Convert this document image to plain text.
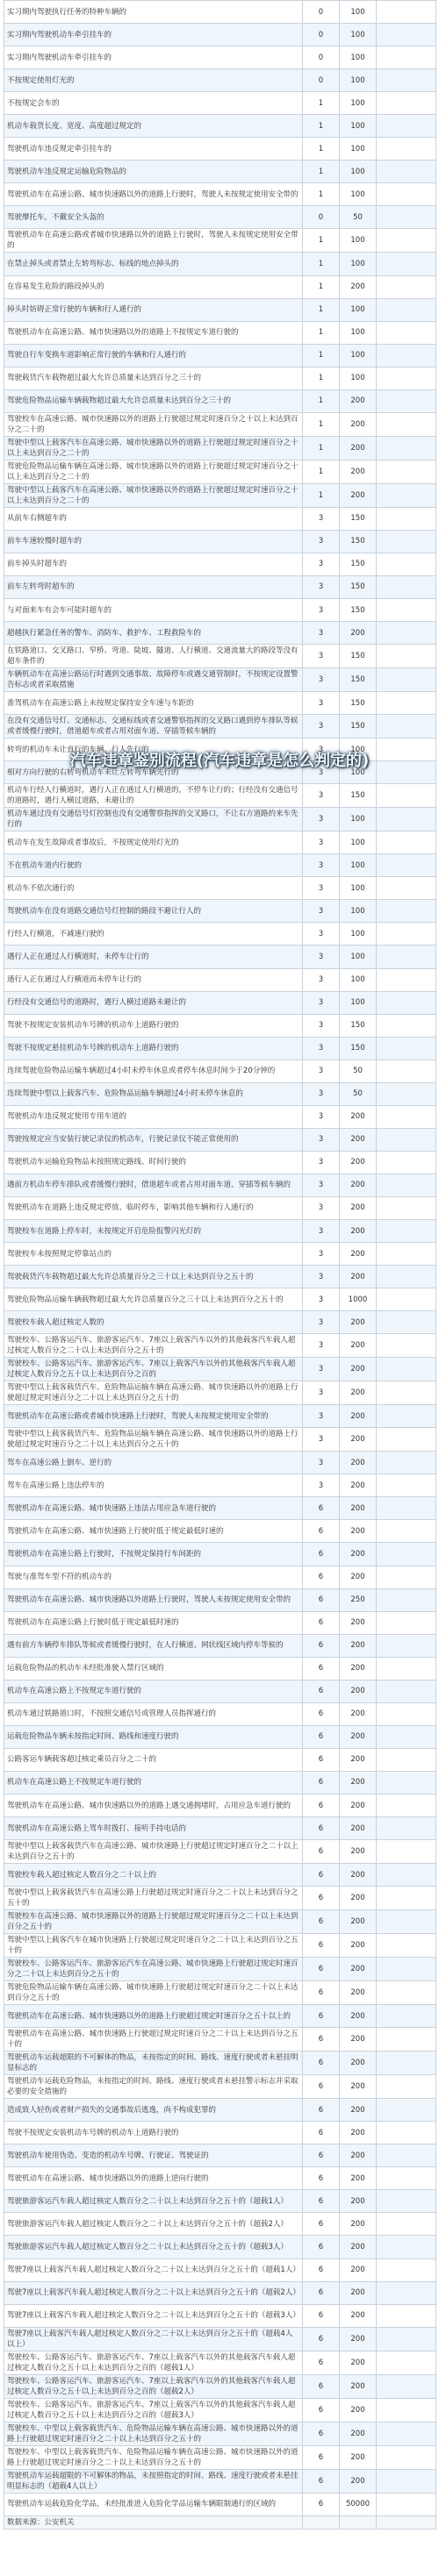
实习期内驾驶执行任务的特种车辆的	0	100	
实习期内驾驶机动车牵引挂车的	0	100	
实习期内驾驶机动车牵引挂车的	0	100	
不按规定使用灯光的	0	100	
不按规定会车的	1	100	
机动车载货长度、宽度、高度超过规定的	1	100	
驾驶机动车违反规定牵引挂车的	1	100	
驾驶机动车违反规定运输危险物品的	1	100	
驾驶机动车在高速公路、城市快速路以外的道路上行驶时，驾驶人未按规定使用安全带的	1	100	
驾驶摩托车，不戴安全头盔的	0	50	
驾驶机动车在高速公路或者城市快速路以外的道路上行驶时，驾驶人未按规定使用安全带的	1	100	
在禁止掉头或者禁止左转弯标志、标线的地点掉头的	1	100	
在容易发生危险的路段掉头的	1	200	
掉头时妨碍正常行驶的车辆和行人通行的	1	100	
驾驶机动车在高速公路、城市快速路以外的道路上不按规定车道行驶的	1	100	
驾驶自行车变换车道影响正常行驶的车辆和行人通行的	1	100	
驾驶载货汽车载物超过最大允许总质量未达到百分之三十的	1	100	
驾驶危险物品运输车辆载物超过最大允许总质量未达到百分之三十的	1	200	
驾驶校车在高速公路、城市快速路以外的道路上行驶超过规定时速百分之十以上未达到百分之二十的	1	200	
驾驶中型以上载客汽车在高速公路、城市快速路以外的道路上行驶超过规定时速百分之十以上未达到百分之二十的	1	200	
驾驶危险物品运输车辆在高速公路、城市快速路以外的道路上行驶超过规定时速百分之十以上未达到百分之二十的	1	200	
驾驶中型以上载客汽车在高速公路、城市快速路以外的道路上行驶超过规定时速百分之十以上未达到百分之二十的	1	200	
从前车右侧超车的	3	150	
前车车速较慢时超车的	3	150	
前车掉头时超车的	3	150	
前车左转弯时超车的	3	150	
与对面来车有会车可能时超车的	3	150	
超越执行紧急任务的警车、消防车、救护车、工程救险车的	3	200	
在铁路道口、交叉路口、窄桥、弯道、陡坡、隧道、人行横道、交通流量大的路段等没有超车条件的	3	150	
车辆机动车在高速公路运行时遇到交通事故、故障停车或遇交通管制时，不按规定设置警告标志或者采取措施	3	150	
准驾机动车在高速公路上未按规定保持安全车速与车距的	3	150	
在没有交通信号灯、交通标志、交通标线或者交通警察指挥的交叉路口遇到停车排队等候或者缓慢行驶时，借道超车或者占用对面车道、穿插等候车辆的	3	150	
转弯的机动车未让直行的车辆、行人先行的	3	100	
相对方向行驶的右转弯机动车未让左转弯车辆先行的	3	100	
机动车行经人行横道时，遇行人正在通过人行横道的，不停车让行的；行经没有交通信号的道路时，遇行人横过道路，未避让的	3	150	
机动车通过没有交通信号灯控制也没有交通警察指挥的交叉路口，不让右方道路的来车先行的	3	100	
机动车在发生故障或者事故后，不按规定使用灯光的	3	100	
不在机动车道内行驶的	3	100	
机动车不依次通行的	3	100	
驾驶机动车在没有道路交通信号灯控制的路段不避让行人的	3	100	
行经人行横道，不减速行驶的	3	100	
遇行人正在通过人行横道时，未停车让行的	3	100	
通行人正在通过人行横道而未停车让行的	3	100	
行经没有交通信号的道路时，遇行人横过道路未避让的	3	100	
驾驶不按规定安装机动车号牌的机动车上道路行驶的	3	150	
驾驶不按规定悬挂机动车号牌的机动车上道路行驶的	3	150	
连续驾驶危险物品运输车辆超过4小时未停车休息或者停车休息时间少于20分钟的	3	50	
连续驾驶中型以上载客汽车、危险物品运输车辆超过4小时未停车休息的	3	50	
驾驶机动车违反规定使用专用车道的	3	200	
驾驶按规定应当安装行驶记录仪的机动车，行驶记录仪不能正常使用的	3	200	
驾驶机动车运输危险物品未按照规定路线、时间行驶的	3	200	
遇前方机动车停车排队或者缓慢行驶时，借道超车或者占用对面车道、穿插等候车辆的	3	200	
驾驶机动车在道路上违反规定停放、临时停车，影响其他车辆和行人通行的	3	200	
驾驶校车在道路上停车时，未按规定开启危险报警闪光灯的	3	200	
驾驶校车未按照规定停靠站点的	3	200	
驾驶载货汽车载物超过最大允许总质量百分之三十以上未达到百分之五十的	3	200	
驾驶危险物品运输车辆载物超过最大允许总质量百分之三十以上未达到百分之五十的	3	1000	
驾驶校车载人超过核定人数的	3	200	
驾驶校车、公路客运汽车、旅游客运汽车、7座以上载客汽车以外的其他载客汽车载人超过核定人数百分之二十以上未达到百分之五十的	3	200	
驾驶校车、公路客运汽车、旅游客运汽车、7座以上载客汽车以外的其他载客汽车载人超过核定人数百分之五十以上未达到百分之百的	3	200	
驾驶中型以上载客载货汽车、危险物品运输车辆在高速公路、城市快速路以外的道路上行驶超过规定时速百分之二十以上未达到百分之五十的	3	200	
驾驶机动车在高速公路或者城市快速路上行驶时，驾驶人未按规定使用安全带的	3	200	
驾驶中型以上载客载货汽车、危险物品运输车辆在高速公路、城市快速路以外的道路上行驶超过规定时速百分之二十以上未达到百分之五十的	3	200	
驾车在高速公路上倒车、逆行的	3	200	
驾车在高速公路上违法停车的	3	200	
驾驶机动车在高速公路、城市快速路上违法占用应急车道行驶的	6	200	
驾驶机动车在高速公路、城市快速路上行驶时低于规定最低时速的	6	200	
驾驶机动车在高速公路上行驶时，不按规定保持行车间距的	6	200	
驾驶与准驾车型不符的机动车的	6	200	
驾驶机动车在高速公路、城市快速路以外道路上行驶时，驾驶人未按规定使用安全带的	6	250	
驾驶机动车在高速公路上行驶时低于规定最低时速的	6	200	
遇有前方车辆停车排队等候或者缓慢行驶时，在人行横道、网状线区域内停车等候的	6	200	
运载危险物品的机动车未经批准驶入禁行区域的	6	200	
机动车在高速公路上不按规定车道行驶的	6	200	
机动车通过铁路道口时，不按照交通信号或管理人员指挥通行的	6	200	
运载危险物品车辆未按指定时间、路线和速度行驶的	6	200	
公路客运车辆载客超过核定乘员百分之二十的	6	200	
机动车在高速公路上不按规定车道行驶的	6	200	
驾驶机动车在高速公路、城市快速路以外的道路上遇交通拥堵时，占用应急车道行驶的	6	200	
驾驶机动车在高速公路上驾车时拨打、接听手持电话的	6	200	
驾驶中型以上载客载货汽车在高速公路、城市快速路上行驶超过规定时速百分之二十以上未达到百分之五十的	6	200	
驾驶校车载人超过核定人数百分之二十以上的	6	200	
驾驶中型以上载客载货汽车在高速公路上行驶超过规定时速百分之二十以上未达到百分之五十的	6	200	
驾驶校车在高速公路、城市快速路以外的道路上行驶超过规定时速百分之二十以上未达到百分之五十的	6	200	
驾驶中型以上载客汽车在城市快速路上行驶超过规定时速百分之二十以上未达到百分之五十的	6	200	
驾驶校车、公路客运汽车、旅游客运汽车在高速公路、城市快速路上行驶超过规定时速百分之二十以上未达到百分之五十的	6	200	
驾驶危险物品运输车辆在高速公路、城市快速路上行驶超过规定时速百分之二十以上未达到百分之五十的	6	200	
驾驶机动车在高速公路、城市快速路以外的道路上行驶超过规定时速百分之五十以上的	6	200	
驾驶机动车在高速公路、城市快速路上行驶超过规定时速百分之二十以上未达到百分之五十的	6	200	
驾驶机动车运载超限的不可解体的物品，未按指定的时间、路线、速度行驶或者未悬挂明显标志的	6	200	
驾驶机动车运载危险物品，未按指定的时间、路线、速度行驶或者未悬挂警示标志并采取必要的安全措施的	6	200	
造成致人轻伤或者财产损失的交通事故后逃逸，尚不构成犯罪的	6	200	
驾驶不按规定安装机动车号牌的机动车上道路行驶的	6	200	
驾驶机动车使用伪造、变造的机动车号牌、行驶证、驾驶证的	6	200	
驾驶机动车在高速公路、城市快速路以外的道路上逆向行驶的	6	200	
驾驶旅游客运汽车载人超过核定人数百分之二十以上未达到百分之五十的（超载1人）	6	200	
驾驶旅游客运汽车载人超过核定人数百分之二十以上未达到百分之五十的（超载2人）	6	200	
驾驶旅游客运汽车载人超过核定人数百分之二十以上未达到百分之五十的（超载3人）	6	200	
驾驶7座以上载客汽车载人超过核定人数百分之二十以上未达到百分之五十的（超载1人）	6	200	
驾驶7座以上载客汽车载人超过核定人数百分之二十以上未达到百分之五十的（超载2人）	6	200	
驾驶7座以上载客汽车载人超过核定人数百分之二十以上未达到百分之五十的（超载3人）	6	200	
驾驶7座以上载客汽车载人超过核定人数百分之二十以上未达到百分之五十的（超载4人以上）	6	200	
驾驶校车、公路客运汽车、旅游客运汽车、7座以上载客汽车以外的其他载客汽车载人超过核定人数百分之五十以上未达到百分之百的（超载1人）	6	200	
驾驶校车、公路客运汽车、旅游客运汽车、7座以上载客汽车以外的其他载客汽车载人超过核定人数百分之五十以上未达到百分之百的（超载2人）	6	200	
驾驶校车、公路客运汽车、旅游客运汽车、7座以上载客汽车以外的其他载客汽车载人超过核定人数百分之五十以上未达到百分之百的（超载3人）	6	200	
驾驶校车、中型以上载客载货汽车、危险物品运输车辆在高速公路、城市快速路以外的道路上行驶超过规定时速百分之二十以上未达到百分之五十的	6	200	
驾驶校车、中型以上载客载货汽车、危险物品运输车辆在高速公路、城市快速路以外的道路上行驶超过规定时速百分之二十以上未达到百分之五十的	6	200	
驾驶机动车运载超限的不可解体的物品，未按照指定的时间、路线、速度行驶或者未悬挂明显标志的（超载4人以上）	6	200	
驾驶机动车运载危险化学品，未经批准进入危险化学品运输车辆限制通行的区域的	6	50000	
数据来源：公安机关			
汽车违章鉴别流程(汽车违章是怎么判定的)
